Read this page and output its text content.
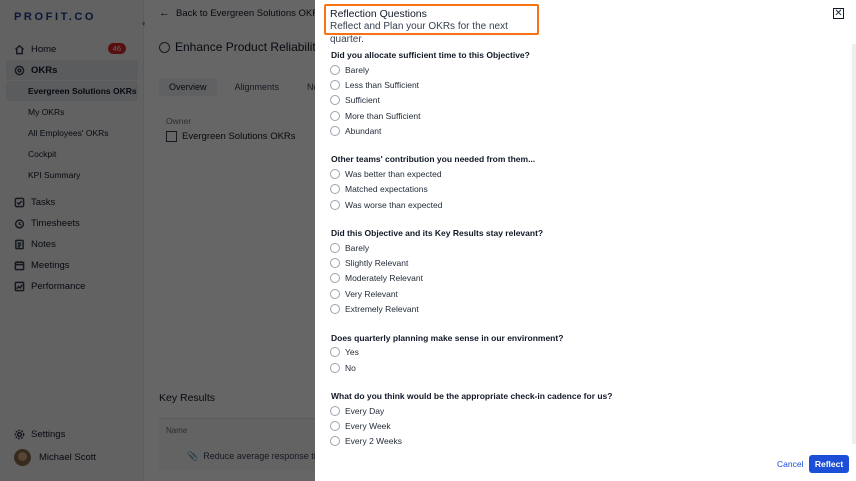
Reflection Questions
Reflect and Plan your OKRs for the next quarter.
✕
Did you allocate sufficient time to this Objective?
Barely
Less than Sufficient
Sufficient
More than Sufficient
Abundant
Other teams' contribution you needed from them...
Was better than expected
Matched expectations
Was worse than expected
Did this Objective and its Key Results stay relevant?
Barely
Slightly Relevant
Moderately Relevant
Very Relevant
Extremely Relevant
Does quarterly planning make sense in our environment?
Yes
No
What do you think would be the appropriate check-in cadence for us?
Every Day
Every Week
Every 2 Weeks
Cancel	Reflect
